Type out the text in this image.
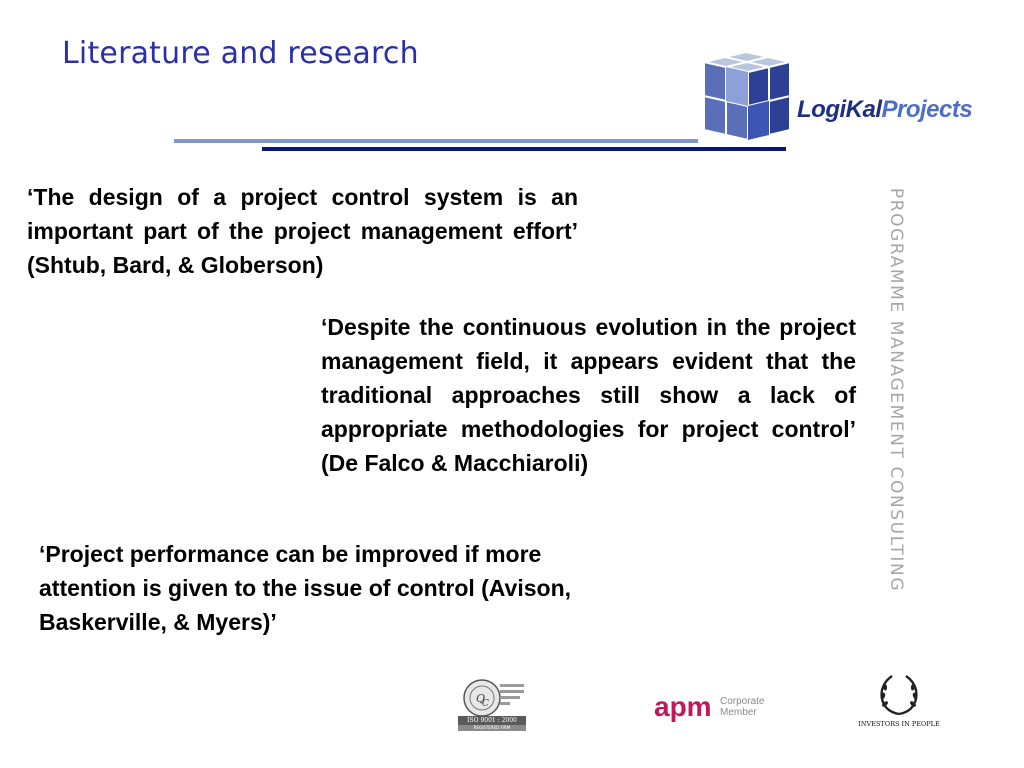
Literature and research
LogiKalProjects
PROGRAMME MANAGEMENT CONSULTING
‘The design of a project control system is an important part of the project management effort’ (Shtub, Bard, & Globerson)
‘Despite the continuous evolution in the project management field, it appears evident that the traditional approaches still show a lack of appropriate methodologies for project control’ (De Falco & Macchiaroli)
‘Project performance can be improved if more attention is given to the issue of control (Avison, Baskerville, & Myers)’
Q
C
ISO 9001 : 2000
REGISTERED FIRM
apm Corporate
Member
INVESTORS IN PEOPLE
